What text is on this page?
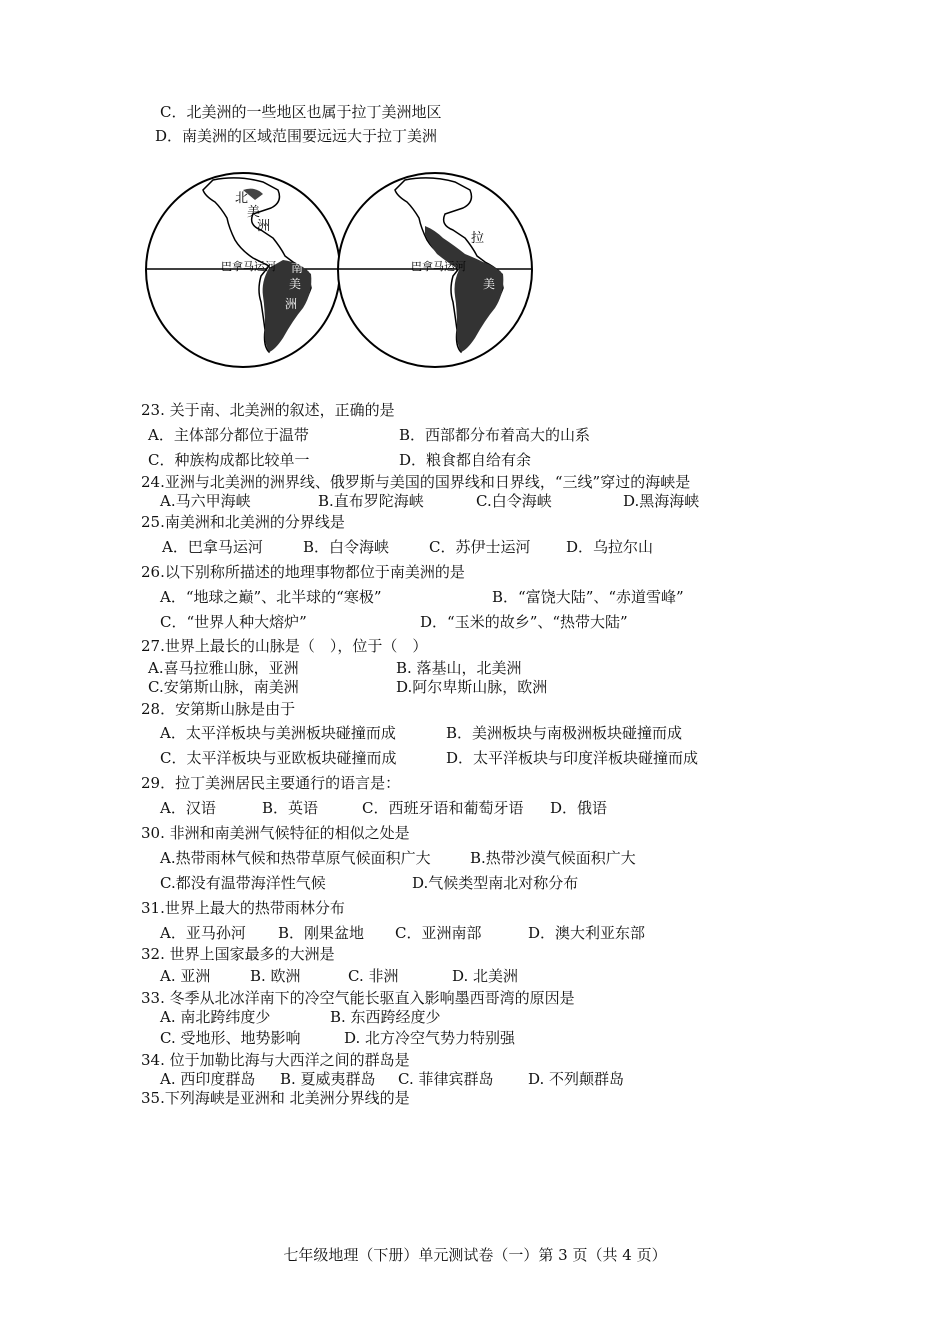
C．北美洲的一些地区也属于拉丁美洲地区
D．南美洲的区域范围要远远大于拉丁美洲
北
美
洲
巴拿马运河 南
美
洲
拉
巴拿马运河
美
23. 关于南、北美洲的叙述，正确的是
A．主体部分都位于温带	B．西部都分布着高大的山系
C．种族构成都比较单一	D．粮食都自给有余
24.亚洲与北美洲的洲界线、俄罗斯与美国的国界线和日界线，“三线”穿过的海峡是
A.马六甲海峡	B.直布罗陀海峡	C.白令海峡	D.黑海海峡
25.南美洲和北美洲的分界线是
A．巴拿马运河	B．白令海峡	C．苏伊士运河 D．乌拉尔山
26.以下别称所描述的地理事物都位于南美洲的是
A．“地球之巅”、北半球的“寒极”	B．“富饶大陆”、“赤道雪峰”
C．“世界人种大熔炉”	D．“玉米的故乡”、“热带大陆”
27.世界上最长的山脉是（　），位于（　）
A.喜马拉雅山脉，亚洲	B. 落基山，北美洲
C.安第斯山脉，南美洲	D.阿尔卑斯山脉，欧洲
28．安第斯山脉是由于
A．太平洋板块与美洲板块碰撞而成	B．美洲板块与南极洲板块碰撞而成
C．太平洋板块与亚欧板块碰撞而成	D．太平洋板块与印度洋板块碰撞而成
29．拉丁美洲居民主要通行的语言是：
A．汉语	B．英语	C．西班牙语和葡萄牙语 D．俄语
30. 非洲和南美洲气候特征的相似之处是
A.热带雨林气候和热带草原气候面积广大	B.热带沙漠气候面积广大
C.都没有温带海洋性气候	D.气候类型南北对称分布
31.世界上最大的热带雨林分布
A．亚马孙河 B．刚果盆地 C．亚洲南部	D．澳大利亚东部
32. 世界上国家最多的大洲是
A. 亚洲	B. 欧洲	C. 非洲	D. 北美洲
33. 冬季从北冰洋南下的冷空气能长驱直入影响墨西哥湾的原因是
A. 南北跨纬度少	B. 东西跨经度少
C. 受地形、地势影响	D. 北方冷空气势力特别强
34. 位于加勒比海与大西洋之间的群岛是
A. 西印度群岛 B. 夏威夷群岛 C. 菲律宾群岛 D. 不列颠群岛
35.下列海峡是亚洲和 北美洲分界线的是
七年级地理（下册）单元测试卷（一）第 3 页（共 4 页）
